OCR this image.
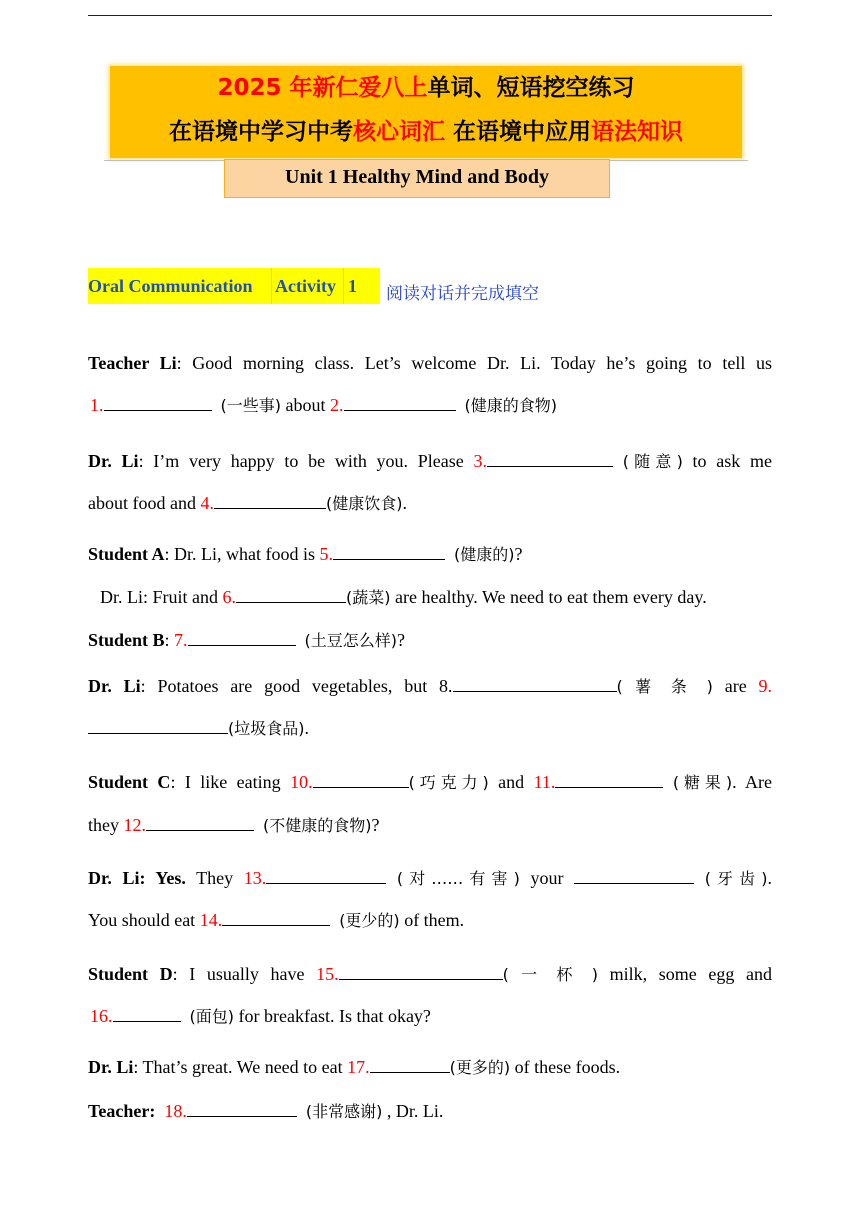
2025 年新仁爱八上单词、短语挖空练习
在语境中学习中考核心词汇 在语境中应用语法知识
Unit 1 Healthy Mind and Body
Oral Communication	Activity 1	阅读对话并完成填空
Teacher Li: Good morning class. Let’s welcome Dr. Li. Today he’s going to tell us
1.	(一些事) about 2.	(健康的食物)
Dr. Li: I’m very happy to be with you. Please 3.	(随意) to ask me
about food and 4.	(健康饮食).
Student A: Dr. Li, what food is 5.	(健康的)?
Dr. Li: Fruit and 6.	(蔬菜) are healthy. We need to eat them every day.
Student B: 7.	(土豆怎么样)?
Dr. Li: Potatoes are good vegetables, but 8.	( 薯 条 ) are 9.
(垃圾食品).
Student C: I like eating 10.	(巧克力) and 11.	(糖果). Are
they 12.	(不健康的食物)?
Dr. Li: Yes. They 13.	(对……有害) your	(牙齿).
You should eat 14.	(更少的) of them.
Student D: I usually have 15.	( 一 杯 ) milk, some egg and
16.	(面包) for breakfast. Is that okay?
Dr. Li: That’s great. We need to eat 17.	(更多的) of these foods.
Teacher: 18.	(非常感谢) , Dr. Li.
